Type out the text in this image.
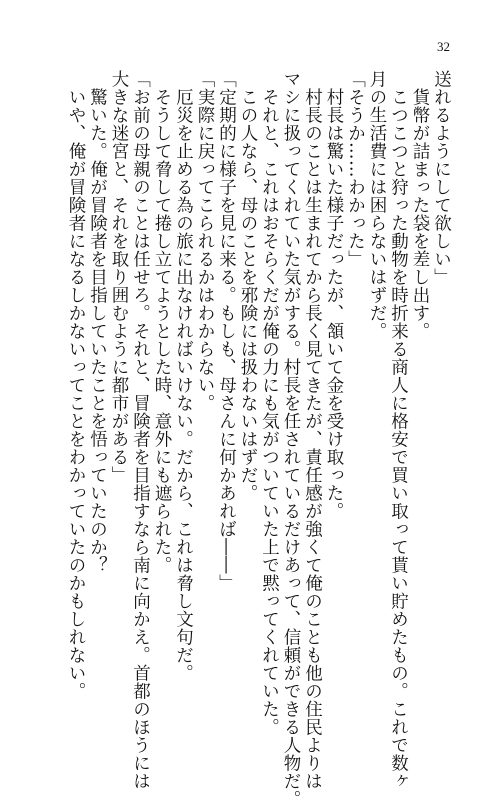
32
送れるようにして欲しい」
　貨幣が詰まった袋を差し出す。
　こつこつと狩った動物を時折来る商人に格安で買い取って貰い貯めたもの。これで数ヶ
月の生活費には困らないはずだ。
「そうか……わかった」
　村長は驚いた様子だったが、頷いて金を受け取った。
　村長のことは生まれてから長く見てきたが、責任感が強くて俺のことも他の住民よりは
マシに扱ってくれていた気がする。村長を任されているだけあって、信頼ができる人物だ。
　それと、これはおそらくだが俺の力にも気がついていた上で黙ってくれていた。
　この人なら、母のことを邪険には扱わないはずだ。
「定期的に様子を見に来る。もしも、母さんに何かあれば――」
「実際に戻ってこられるかはわからない。
　厄災を止める為の旅に出なければいけない。だから、これは脅し文句だ。
　そうして脅して捲し立てようとした時、意外にも遮られた。
「お前の母親のことは任せろ。それと、冒険者を目指すなら南に向かえ。首都のほうには
大きな迷宮と、それを取り囲むように都市がある」
　驚いた。俺が冒険者を目指していたことを悟っていたのか？
　いや、俺が冒険者になるしかないってことをわかっていたのかもしれない。
